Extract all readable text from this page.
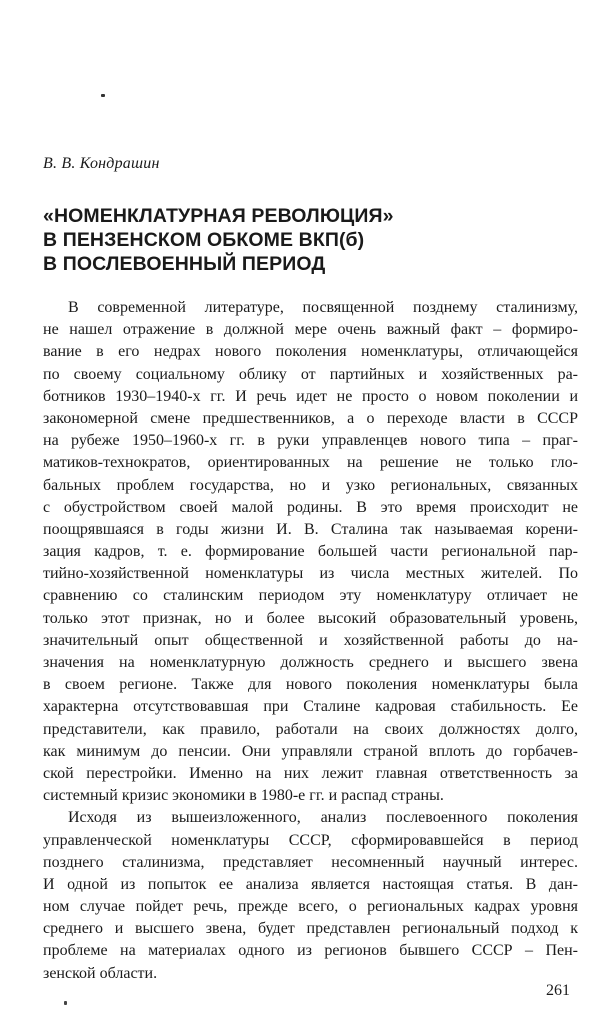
В. В. Кондрашин
«НОМЕНКЛАТУРНАЯ РЕВОЛЮЦИЯ»
В ПЕНЗЕНСКОМ ОБКОМЕ ВКП(б)
В ПОСЛЕВОЕННЫЙ ПЕРИОД
В современной литературе, посвященной позднему сталинизму,
не нашел отражение в должной мере очень важный факт – формиро-
вание в его недрах нового поколения номенклатуры, отличающейся
по своему социальному облику от партийных и хозяйственных ра-
ботников 1930–1940-х гг. И речь идет не просто о новом поколении и
закономерной смене предшественников, а о переходе власти в СССР
на рубеже 1950–1960-х гг. в руки управленцев нового типа – праг-
матиков-технократов, ориентированных на решение не только гло-
бальных проблем государства, но и узко региональных, связанных
с обустройством своей малой родины. В это время происходит не
поощрявшаяся в годы жизни И. В. Сталина так называемая корени-
зация кадров, т. е. формирование большей части региональной пар-
тийно-хозяйственной номенклатуры из числа местных жителей. По
сравнению со сталинским периодом эту номенклатуру отличает не
только этот признак, но и более высокий образовательный уровень,
значительный опыт общественной и хозяйственной работы до на-
значения на номенклатурную должность среднего и высшего звена
в своем регионе. Также для нового поколения номенклатуры была
характерна отсутствовавшая при Сталине кадровая стабильность. Ее
представители, как правило, работали на своих должностях долго,
как минимум до пенсии. Они управляли страной вплоть до горбачев-
ской перестройки. Именно на них лежит главная ответственность за
системный кризис экономики в 1980-е гг. и распад страны.
Исходя из вышеизложенного, анализ послевоенного поколения
управленческой номенклатуры СССР, сформировавшейся в период
позднего сталинизма, представляет несомненный научный интерес.
И одной из попыток ее анализа является настоящая статья. В дан-
ном случае пойдет речь, прежде всего, о региональных кадрах уровня
среднего и высшего звена, будет представлен региональный подход к
проблеме на материалах одного из регионов бывшего СССР – Пен-
зенской области.
261
